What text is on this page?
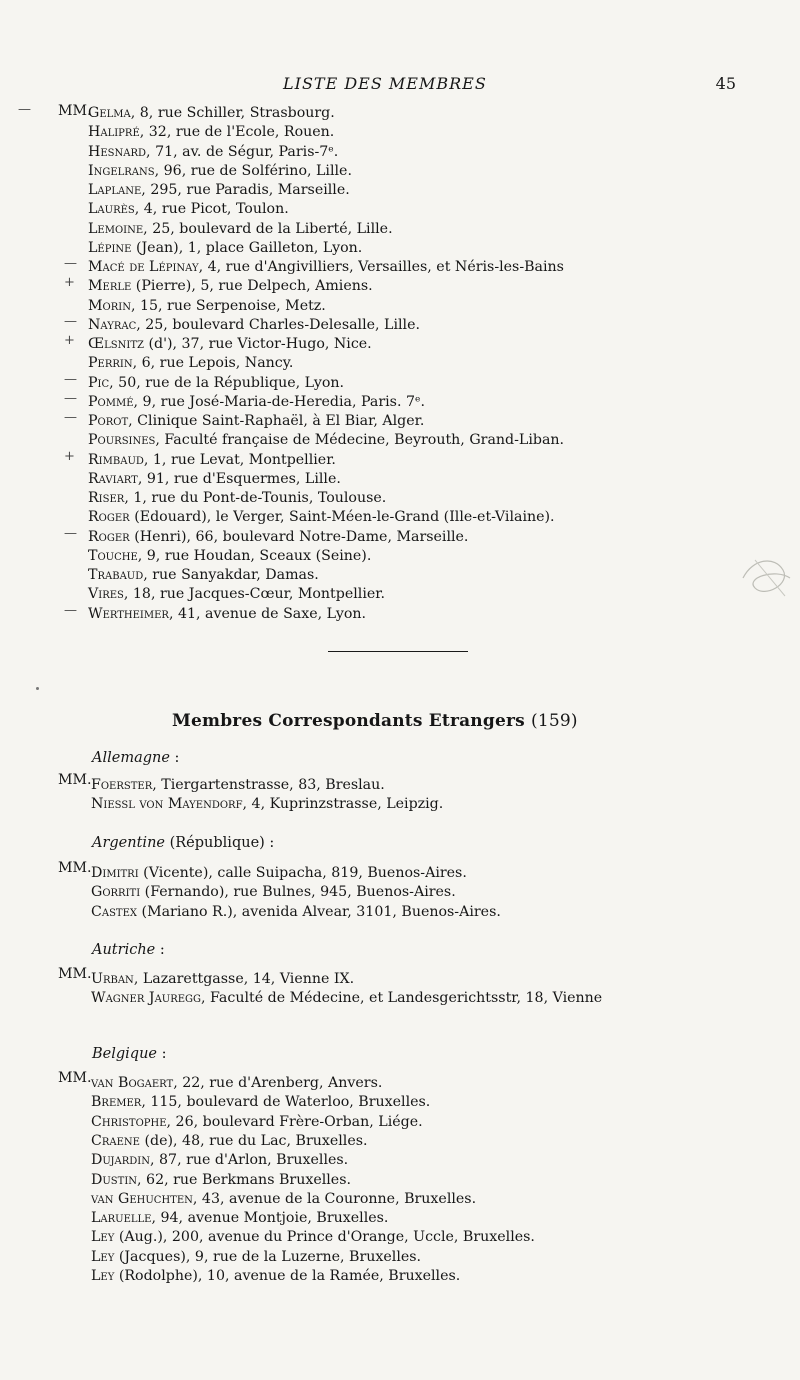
LISTE DES MEMBRES	45
MM.
—	Gelma, 8, rue Schiller, Strasbourg.
Halipré, 32, rue de l'Ecole, Rouen.
Hesnard, 71, av. de Ségur, Paris-7ᵉ.
Ingelrans, 96, rue de Solférino, Lille.
Laplane, 295, rue Paradis, Marseille.
Laurès, 4, rue Picot, Toulon.
Lemoine, 25, boulevard de la Liberté, Lille.
Lépine (Jean), 1, place Gailleton, Lyon.
— Macé de Lépinay, 4, rue d'Angivilliers, Versailles, et Néris-les-Bains
+ Merle (Pierre), 5, rue Delpech, Amiens.
Morin, 15, rue Serpenoise, Metz.
— Nayrac, 25, boulevard Charles-Delesalle, Lille.
+ Œlsnitz (d'), 37, rue Victor-Hugo, Nice.
Perrin, 6, rue Lepois, Nancy.
— Pic, 50, rue de la République, Lyon.
— Pommé, 9, rue José-Maria-de-Heredia, Paris. 7ᵉ.
— Porot, Clinique Saint-Raphaël, à El Biar, Alger.
Poursines, Faculté française de Médecine, Beyrouth, Grand-Liban.
+ Rimbaud, 1, rue Levat, Montpellier.
Raviart, 91, rue d'Esquermes, Lille.
Riser, 1, rue du Pont-de-Tounis, Toulouse.
Roger (Edouard), le Verger, Saint-Méen-le-Grand (Ille-et-Vilaine).
— Roger (Henri), 66, boulevard Notre-Dame, Marseille.
Touche, 9, rue Houdan, Sceaux (Seine).
Trabaud, rue Sanyakdar, Damas.
Vires, 18, rue Jacques-Cœur, Montpellier.
— Wertheimer, 41, avenue de Saxe, Lyon.
Membres Correspondants Etrangers (159)
Allemagne :
MM. Foerster, Tiergartenstrasse, 83, Breslau.
Niessl von Mayendorf, 4, Kuprinzstrasse, Leipzig.
Argentine (République) :
MM. Dimitri (Vicente), calle Suipacha, 819, Buenos-Aires.
Gorriti (Fernando), rue Bulnes, 945, Buenos-Aires.
Castex (Mariano R.), avenida Alvear, 3101, Buenos-Aires.
Autriche :
MM. Urban, Lazarettgasse, 14, Vienne IX.
Wagner Jauregg, Faculté de Médecine, et Landesgerichtsstr, 18, Vienne
Belgique :
MM. van Bogaert, 22, rue d'Arenberg, Anvers.
Bremer, 115, boulevard de Waterloo, Bruxelles.
Christophe, 26, boulevard Frère-Orban, Liége.
Craene (de), 48, rue du Lac, Bruxelles.
Dujardin, 87, rue d'Arlon, Bruxelles.
Dustin, 62, rue Berkmans Bruxelles.
van Gehuchten, 43, avenue de la Couronne, Bruxelles.
Laruelle, 94, avenue Montjoie, Bruxelles.
Ley (Aug.), 200, avenue du Prince d'Orange, Uccle, Bruxelles.
Ley (Jacques), 9, rue de la Luzerne, Bruxelles.
Ley (Rodolphe), 10, avenue de la Ramée, Bruxelles.
